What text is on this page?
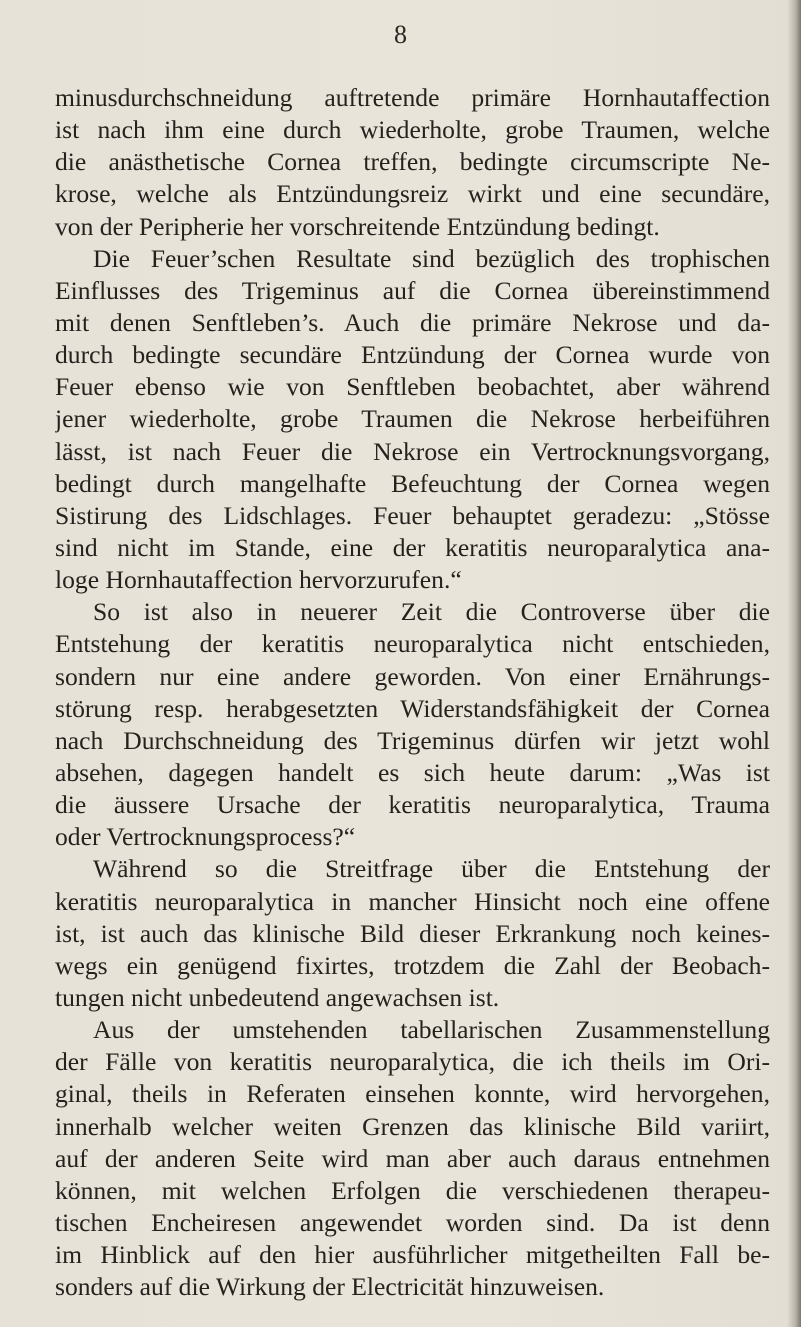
8
minusdurchschneidung auftretende primäre Hornhautaffection
ist nach ihm eine durch wiederholte, grobe Traumen, welche
die anästhetische Cornea treffen, bedingte circumscripte Ne-
krose, welche als Entzündungsreiz wirkt und eine secundäre,
von der Peripherie her vorschreitende Entzündung bedingt.
Die Feuer’schen Resultate sind bezüglich des trophischen
Einflusses des Trigeminus auf die Cornea übereinstimmend
mit denen Senftleben’s. Auch die primäre Nekrose und da-
durch bedingte secundäre Entzündung der Cornea wurde von
Feuer ebenso wie von Senftleben beobachtet, aber während
jener wiederholte, grobe Traumen die Nekrose herbeiführen
lässt, ist nach Feuer die Nekrose ein Vertrocknungsvorgang,
bedingt durch mangelhafte Befeuchtung der Cornea wegen
Sistirung des Lidschlages. Feuer behauptet geradezu: „Stösse
sind nicht im Stande, eine der keratitis neuroparalytica ana-
loge Hornhautaffection hervorzurufen.“
So ist also in neuerer Zeit die Controverse über die
Entstehung der keratitis neuroparalytica nicht entschieden,
sondern nur eine andere geworden. Von einer Ernährungs-
störung resp. herabgesetzten Widerstandsfähigkeit der Cornea
nach Durchschneidung des Trigeminus dürfen wir jetzt wohl
absehen, dagegen handelt es sich heute darum: „Was ist
die äussere Ursache der keratitis neuroparalytica, Trauma
oder Vertrocknungsprocess?“
Während so die Streitfrage über die Entstehung der
keratitis neuroparalytica in mancher Hinsicht noch eine offene
ist, ist auch das klinische Bild dieser Erkrankung noch keines-
wegs ein genügend fixirtes, trotzdem die Zahl der Beobach-
tungen nicht unbedeutend angewachsen ist.
Aus der umstehenden tabellarischen Zusammenstellung
der Fälle von keratitis neuroparalytica, die ich theils im Ori-
ginal, theils in Referaten einsehen konnte, wird hervorgehen,
innerhalb welcher weiten Grenzen das klinische Bild variirt,
auf der anderen Seite wird man aber auch daraus entnehmen
können, mit welchen Erfolgen die verschiedenen therapeu-
tischen Encheiresen angewendet worden sind. Da ist denn
im Hinblick auf den hier ausführlicher mitgetheilten Fall be-
sonders auf die Wirkung der Electricität hinzuweisen.
